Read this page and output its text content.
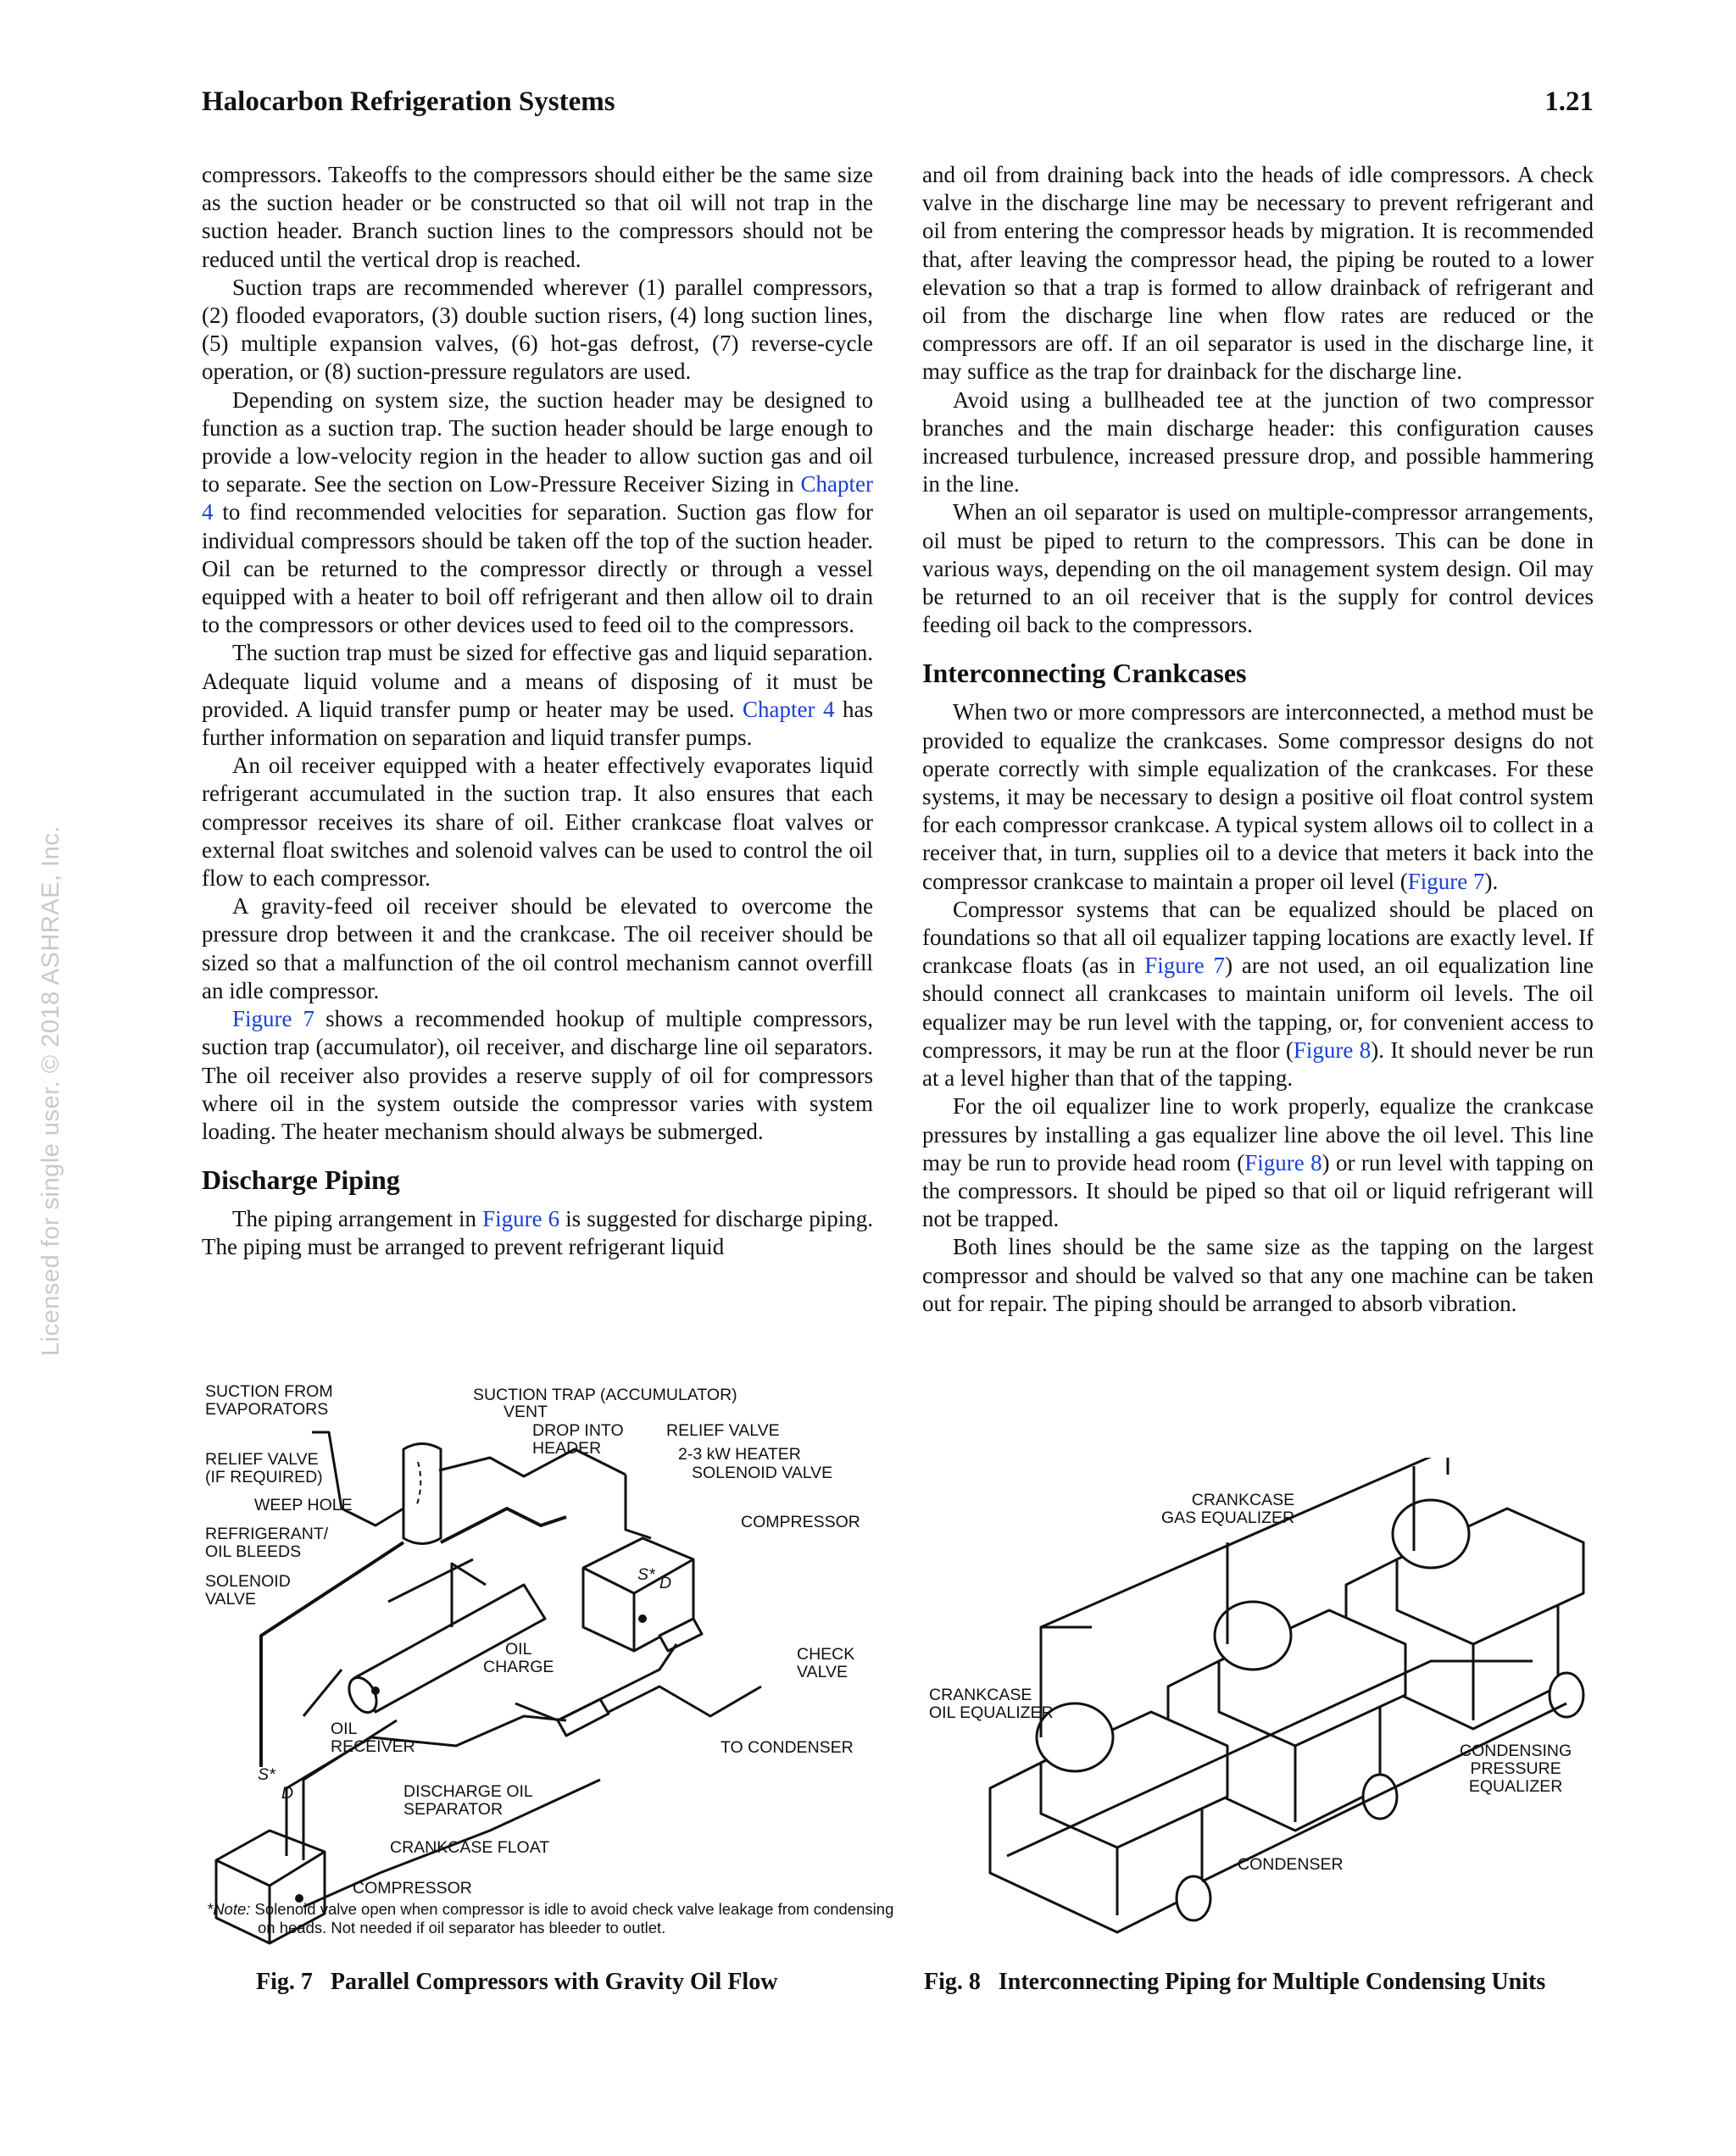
Halocarbon Refrigeration Systems	1.21
Licensed for single user. © 2018 ASHRAE, Inc.

compressors. Takeoffs to the compressors should either be the same size as the suction header or be constructed so that oil will not trap in the suction header. Branch suction lines to the compressors should not be reduced until the vertical drop is reached.

Suction traps are recommended wherever (1) parallel compressors, (2) flooded evaporators, (3) double suction risers, (4) long suction lines, (5) multiple expansion valves, (6) hot-gas defrost, (7) reverse-cycle operation, or (8) suction-pressure regulators are used.

Depending on system size, the suction header may be designed to function as a suction trap. The suction header should be large enough to provide a low-velocity region in the header to allow suction gas and oil to separate. See the section on Low-Pressure Receiver Sizing in Chapter 4 to find recommended velocities for separation. Suction gas flow for individual compressors should be taken off the top of the suction header. Oil can be returned to the compressor directly or through a vessel equipped with a heater to boil off refrigerant and then allow oil to drain to the compressors or other devices used to feed oil to the compressors.

The suction trap must be sized for effective gas and liquid separation. Adequate liquid volume and a means of disposing of it must be provided. A liquid transfer pump or heater may be used. Chapter 4 has further information on separation and liquid transfer pumps.

An oil receiver equipped with a heater effectively evaporates liquid refrigerant accumulated in the suction trap. It also ensures that each compressor receives its share of oil. Either crankcase float valves or external float switches and solenoid valves can be used to control the oil flow to each compressor.

A gravity-feed oil receiver should be elevated to overcome the pressure drop between it and the crankcase. The oil receiver should be sized so that a malfunction of the oil control mechanism cannot overfill an idle compressor.

Figure 7 shows a recommended hookup of multiple compressors, suction trap (accumulator), oil receiver, and discharge line oil separators. The oil receiver also provides a reserve supply of oil for compressors where oil in the system outside the compressor varies with system loading. The heater mechanism should always be submerged.

Discharge Piping

The piping arrangement in Figure 6 is suggested for discharge piping. The piping must be arranged to prevent refrigerant liquid

and oil from draining back into the heads of idle compressors. A check valve in the discharge line may be necessary to prevent refrigerant and oil from entering the compressor heads by migration. It is recommended that, after leaving the compressor head, the piping be routed to a lower elevation so that a trap is formed to allow drainback of refrigerant and oil from the discharge line when flow rates are reduced or the compressors are off. If an oil separator is used in the discharge line, it may suffice as the trap for drainback for the discharge line.

Avoid using a bullheaded tee at the junction of two compressor branches and the main discharge header: this configuration causes increased turbulence, increased pressure drop, and possible hammering in the line.

When an oil separator is used on multiple-compressor arrangements, oil must be piped to return to the compressors. This can be done in various ways, depending on the oil management system design. Oil may be returned to an oil receiver that is the supply for control devices feeding oil back to the compressors.

Interconnecting Crankcases

When two or more compressors are interconnected, a method must be provided to equalize the crankcases. Some compressor designs do not operate correctly with simple equalization of the crankcases. For these systems, it may be necessary to design a positive oil float control system for each compressor crankcase. A typical system allows oil to collect in a receiver that, in turn, supplies oil to a device that meters it back into the compressor crankcase to maintain a proper oil level (Figure 7).

Compressor systems that can be equalized should be placed on foundations so that all oil equalizer tapping locations are exactly level. If crankcase floats (as in Figure 7) are not used, an oil equalization line should connect all crankcases to maintain uniform oil levels. The oil equalizer may be run level with the tapping, or, for convenient access to compressors, it may be run at the floor (Figure 8). It should never be run at a level higher than that of the tapping.

For the oil equalizer line to work properly, equalize the crankcase pressures by installing a gas equalizer line above the oil level. This line may be run to provide head room (Figure 8) or run level with tapping on the compressors. It should be piped so that oil or liquid refrigerant will not be trapped.

Both lines should be the same size as the tapping on the largest compressor and should be valved so that any one machine can be taken out for repair. The piping should be arranged to absorb vibration.

SUCTION FROM
EVAPORATORS
SUCTION TRAP (ACCUMULATOR)
VENT
DROP INTO
HEADER
RELIEF VALVE
2-3 kW HEATER
SOLENOID VALVE
RELIEF VALVE
(IF REQUIRED)
WEEP HOLE
REFRIGERANT/
OIL BLEEDS
COMPRESSOR
SOLENOID
VALVE
OIL
CHARGE
CHECK
VALVE
OIL
RECEIVER	TO CONDENSER
DISCHARGE OIL
SEPARATOR
CRANKCASE FLOAT
COMPRESSOR
S* D
S*
D
*Note: Solenoid valve open when compressor is idle to avoid check valve leakage from condensing on heads. Not needed if oil separator has bleeder to outlet.
Fig. 7 Parallel Compressors with Gravity Oil Flow
CRANKCASE
GAS EQUALIZER
CRANKCASE
OIL EQUALIZER
CONDENSING
PRESSURE
EQUALIZER
CONDENSER
Fig. 8 Interconnecting Piping for Multiple Condensing Units
